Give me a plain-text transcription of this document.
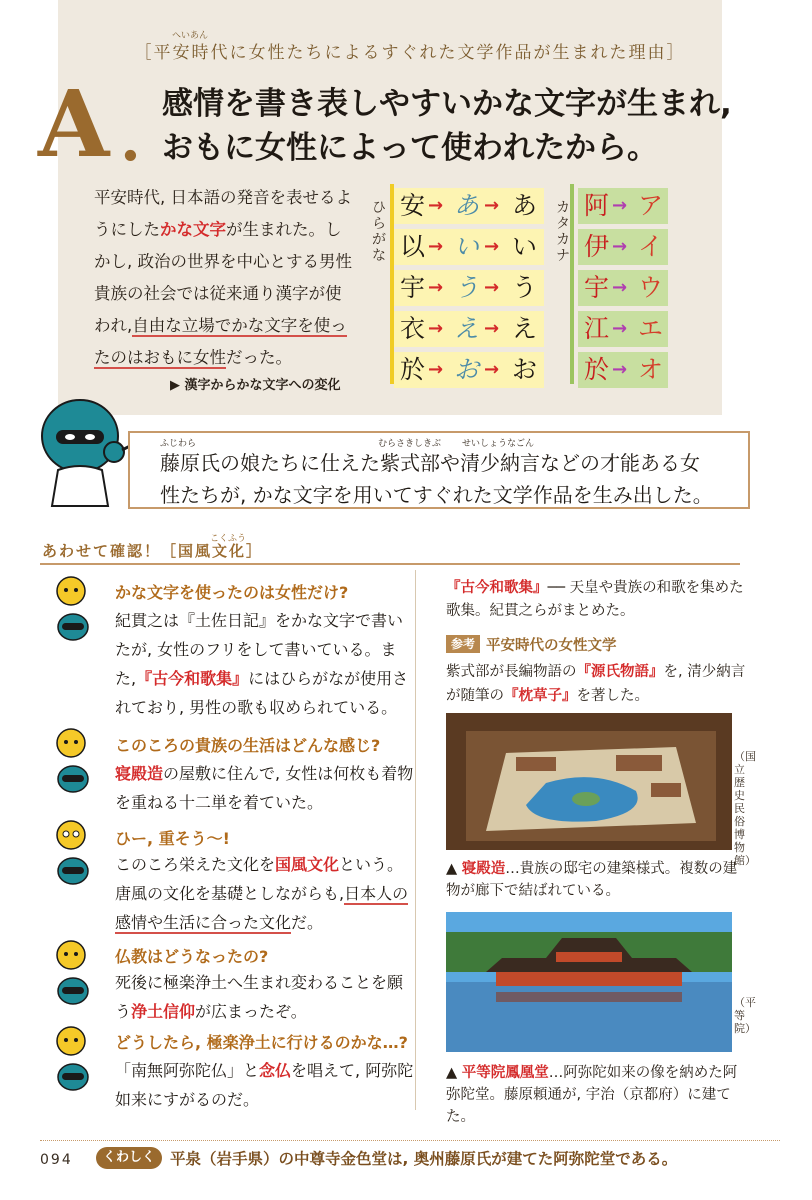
へいあん
［平安時代に女性たちによるすぐれた文学作品が生まれた理由］
A .
感情を書き表しやすいかな文字が生まれ,
おもに女性によって使われたから。
平安時代, 日本語の発音を表せるようにしたかな文字が生まれた。しかし, 政治の世界を中心とする男性貴族の社会では従来通り漢字が使われ,自由な立場でかな文字を使ったのはおもに女性だった。
▶ 漢字からかな文字への変化
ひらがな
カタカナ
安 → あ → あ
以 → い → い
宇 → う → う
衣 → え → え
於 → お → お
阿 → ア
伊 → イ
宇 → ウ
江 → エ
於 → オ
ふじわら	むらさきしきぶ せいしょうなごん
藤原氏の娘たちに仕えた紫式部や清少納言などの才能ある女
性たちが, かな文字を用いてすぐれた文学作品を生み出した。
こくふう
あわせて確認！［国風文化］
かな文字を使ったのは女性だけ?
紀貫之は『土佐日記』をかな文字で書いたが, 女性のフリをして書いている。また,『古今和歌集』にはひらがなが使用されており, 男性の歌も収められている。
このころの貴族の生活はどんな感じ?
寝殿造の屋敷に住んで, 女性は何枚も着物を重ねる十二単を着ていた。
ひー, 重そう〜!
このころ栄えた文化を国風文化という。唐風の文化を基礎としながらも,日本人の感情や生活に合った文化だ。
仏教はどうなったの?
死後に極楽浄土へ生まれ変わることを願う浄土信仰が広まったぞ。
どうしたら, 極楽浄土に行けるのかな…?
「南無阿弥陀仏」と念仏を唱えて, 阿弥陀如来にすがるのだ。
『古今和歌集』── 天皇や貴族の和歌を集めた歌集。紀貫之らがまとめた。
参考 平安時代の女性文学
紫式部が長編物語の『源氏物語』を, 清少納言が随筆の『枕草子』を著した。
（国立歴史民俗博物館）
▲ 寝殿造…貴族の邸宅の建築様式。複数の建物が廊下で結ばれている。
（平等院）
▲ 平等院鳳凰堂…阿弥陀如来の像を納めた阿弥陀堂。藤原頼通が, 宇治（京都府）に建てた。
094	くわしく 平泉（岩手県）の中尊寺金色堂は, 奥州藤原氏が建てた阿弥陀堂である。
